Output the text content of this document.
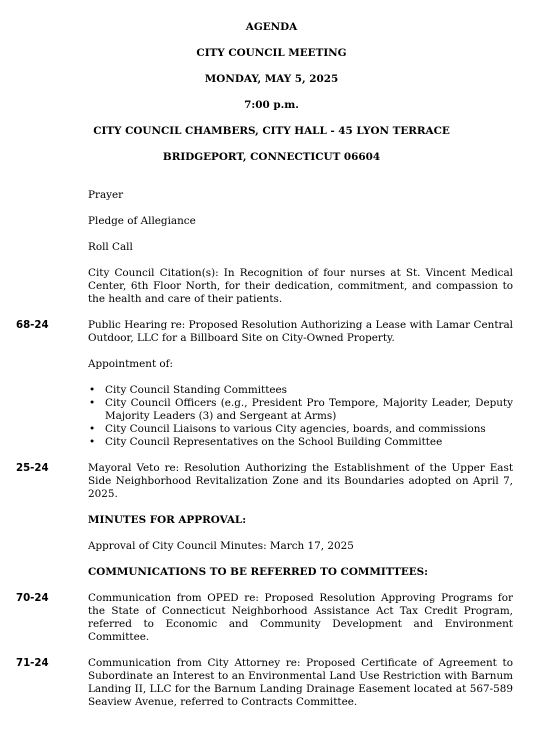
AGENDA
CITY COUNCIL MEETING
MONDAY, MAY 5, 2025
7:00 p.m.
CITY COUNCIL CHAMBERS, CITY HALL - 45 LYON TERRACE
BRIDGEPORT, CONNECTICUT 06604
Prayer
Pledge of Allegiance
Roll Call
City Council Citation(s): In Recognition of four nurses at St. Vincent Medical Center, 6th Floor North, for their dedication, commitment, and compassion to the health and care of their patients.
68-24	Public Hearing re: Proposed Resolution Authorizing a Lease with Lamar Central Outdoor, LLC for a Billboard Site on City-Owned Property.
Appointment of:
• City Council Standing Committees
• City Council Officers (e.g., President Pro Tempore, Majority Leader, Deputy Majority Leaders (3) and Sergeant at Arms)
• City Council Liaisons to various City agencies, boards, and commissions
• City Council Representatives on the School Building Committee
25-24	Mayoral Veto re: Resolution Authorizing the Establishment of the Upper East Side Neighborhood Revitalization Zone and its Boundaries adopted on April 7, 2025.
MINUTES FOR APPROVAL:
Approval of City Council Minutes: March 17, 2025
COMMUNICATIONS TO BE REFERRED TO COMMITTEES:
70-24	Communication from OPED re: Proposed Resolution Approving Programs for the State of Connecticut Neighborhood Assistance Act Tax Credit Program, referred to Economic and Community Development and Environment Committee.
71-24	Communication from City Attorney re: Proposed Certificate of Agreement to Subordinate an Interest to an Environmental Land Use Restriction with Barnum Landing II, LLC for the Barnum Landing Drainage Easement located at 567-589 Seaview Avenue, referred to Contracts Committee.
